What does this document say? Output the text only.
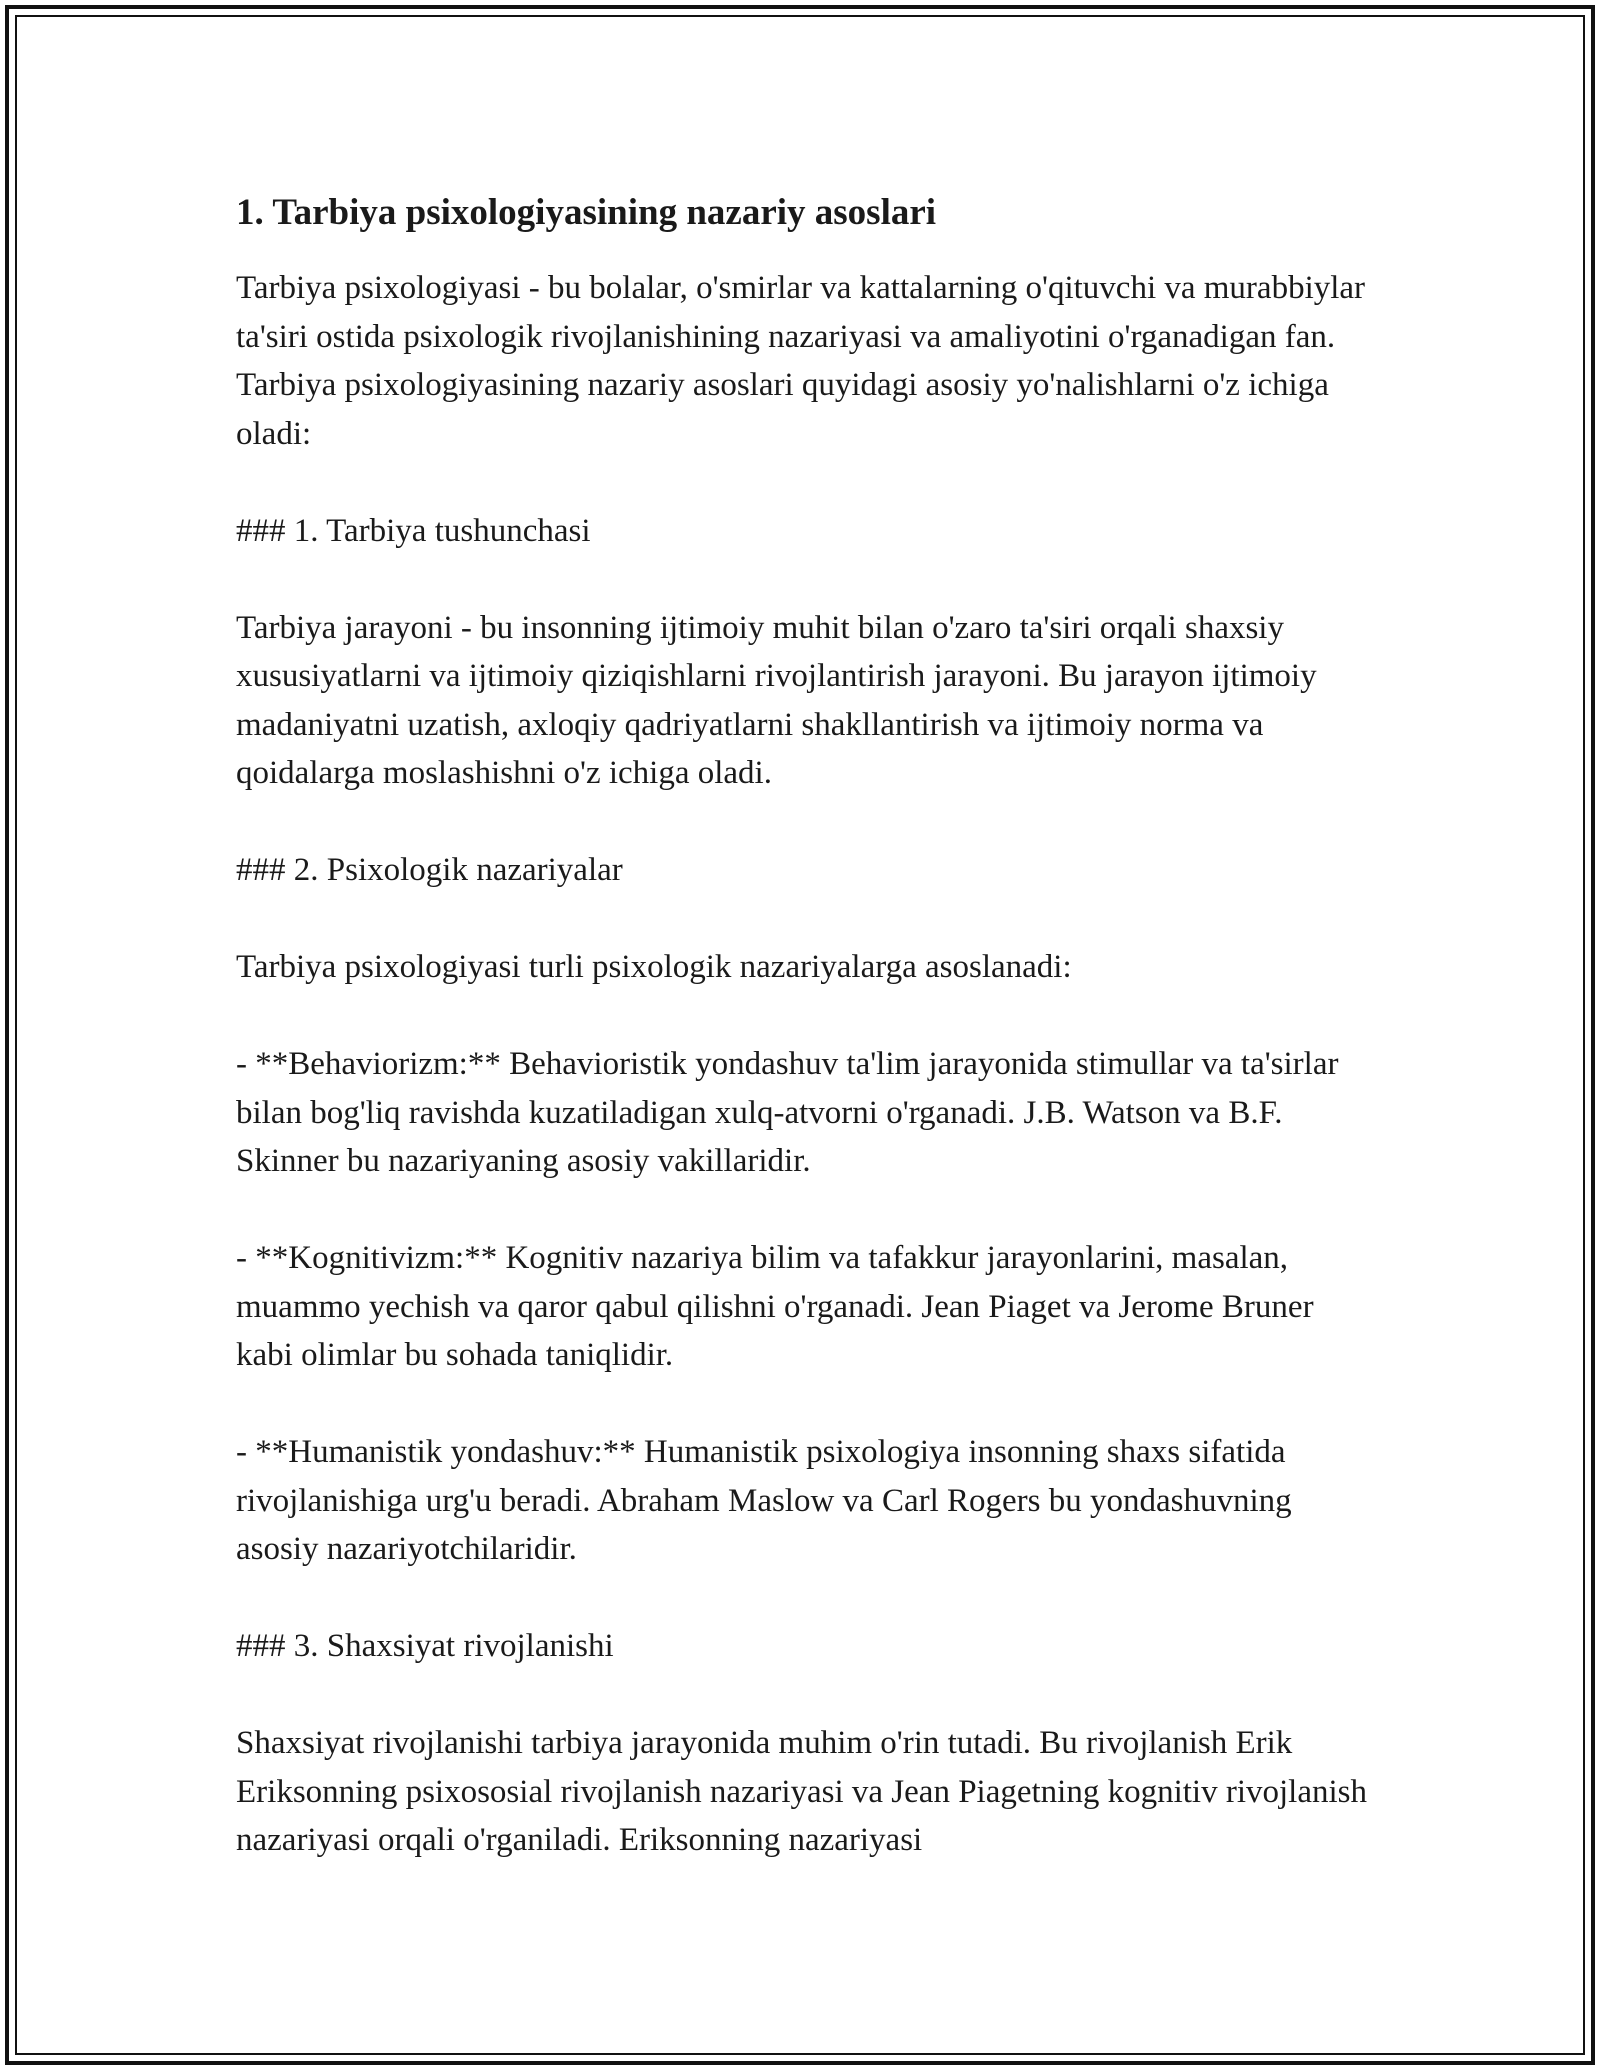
1. Tarbiya psixologiyasining nazariy asoslari

Tarbiya psixologiyasi - bu bolalar, o'smirlar va kattalarning o'qituvchi va murabbiylar ta'siri ostida psixologik rivojlanishining nazariyasi va amaliyotini o'rganadigan fan. Tarbiya psixologiyasining nazariy asoslari quyidagi asosiy yo'nalishlarni o'z ichiga oladi:

### 1. Tarbiya tushunchasi

Tarbiya jarayoni - bu insonning ijtimoiy muhit bilan o'zaro ta'siri orqali shaxsiy xususiyatlarni va ijtimoiy qiziqishlarni rivojlantirish jarayoni. Bu jarayon ijtimoiy madaniyatni uzatish, axloqiy qadriyatlarni shakllantirish va ijtimoiy norma va qoidalarga moslashishni o'z ichiga oladi.

### 2. Psixologik nazariyalar

Tarbiya psixologiyasi turli psixologik nazariyalarga asoslanadi:

- **Behaviorizm:** Behavioristik yondashuv ta'lim jarayonida stimullar va ta'sirlar bilan bog'liq ravishda kuzatiladigan xulq-atvorni o'rganadi. J.B. Watson va B.F. Skinner bu nazariyaning asosiy vakillaridir.

- **Kognitivizm:** Kognitiv nazariya bilim va tafakkur jarayonlarini, masalan, muammo yechish va qaror qabul qilishni o'rganadi. Jean Piaget va Jerome Bruner kabi olimlar bu sohada taniqlidir.

- **Humanistik yondashuv:** Humanistik psixologiya insonning shaxs sifatida rivojlanishiga urg'u beradi. Abraham Maslow va Carl Rogers bu yondashuvning asosiy nazariyotchilaridir.

### 3. Shaxsiyat rivojlanishi

Shaxsiyat rivojlanishi tarbiya jarayonida muhim o'rin tutadi. Bu rivojlanish Erik Eriksonning psixososial rivojlanish nazariyasi va Jean Piagetning kognitiv rivojlanish nazariyasi orqali o'rganiladi. Eriksonning nazariyasi
